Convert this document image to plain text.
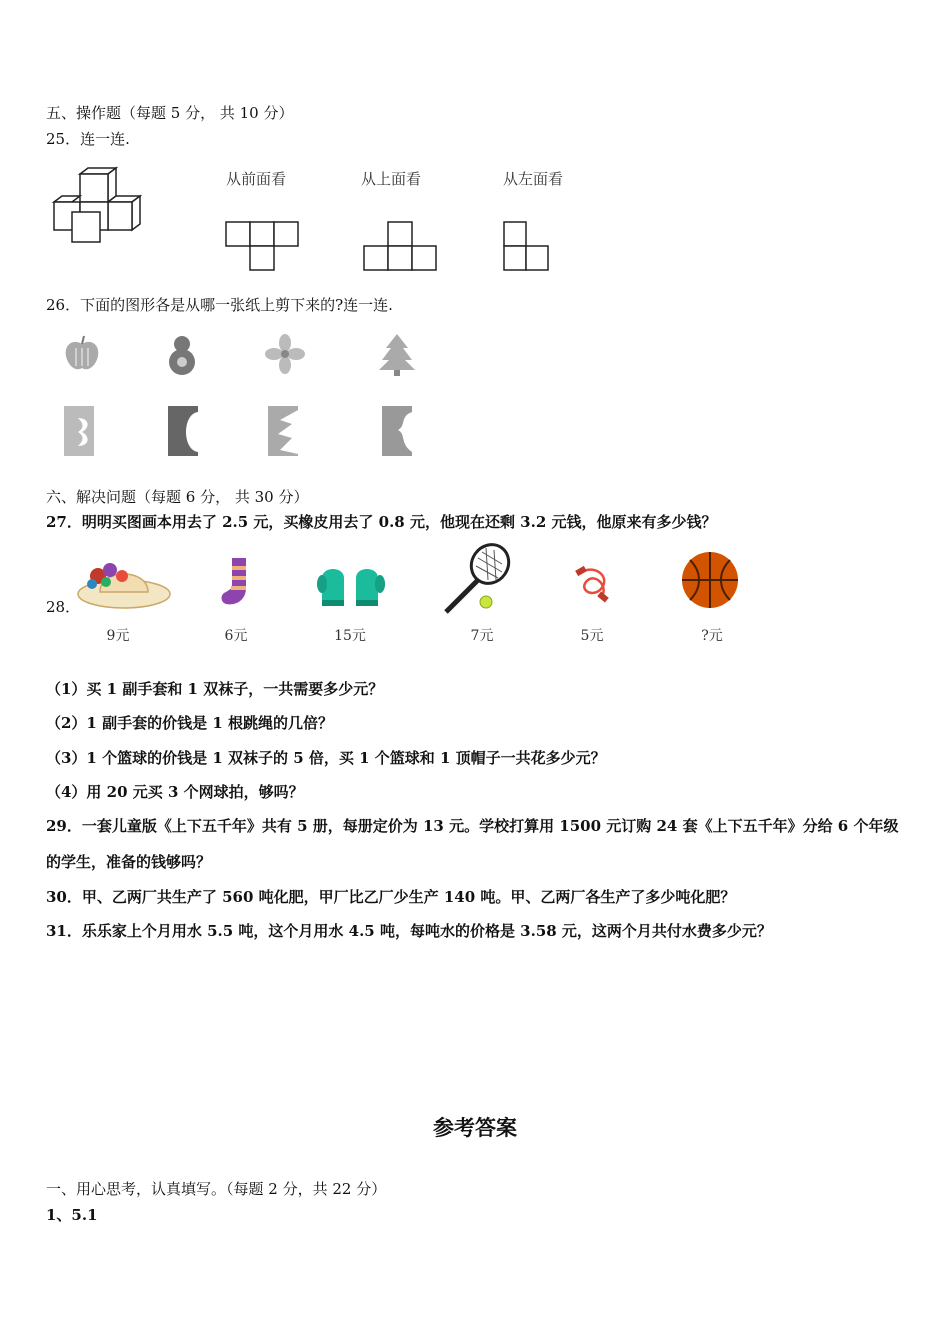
五、操作题（每题 5 分， 共 10 分）
25．连一连.
从前面看	从上面看	从左面看
26．下面的图形各是从哪一张纸上剪下来的?连一连.
六、解决问题（每题 6 分， 共 30 分）
27．明明买图画本用去了 2.5 元，买橡皮用去了 0.8 元，他现在还剩 3.2 元钱，他原来有多少钱？
28．
9元	6元	15元	7元	5元	?元
（1）买 1 副手套和 1 双袜子，一共需要多少元？
（2）1 副手套的价钱是 1 根跳绳的几倍？
（3）1 个篮球的价钱是 1 双袜子的 5 倍，买 1 个篮球和 1 顶帽子一共花多少元？
（4）用 20 元买 3 个网球拍，够吗？
29．一套儿童版《上下五千年》共有 5 册，每册定价为 13 元。学校打算用 1500 元订购 24 套《上下五千年》分给 6 个年级
的学生，准备的钱够吗？
30．甲、乙两厂共生产了 560 吨化肥，甲厂比乙厂少生产 140 吨。甲、乙两厂各生产了多少吨化肥？
31．乐乐家上个月用水 5.5 吨，这个月用水 4.5 吨，每吨水的价格是 3.58 元，这两个月共付水费多少元？
参考答案
一、用心思考，认真填写。（每题 2 分，共 22 分）
1、5.1
